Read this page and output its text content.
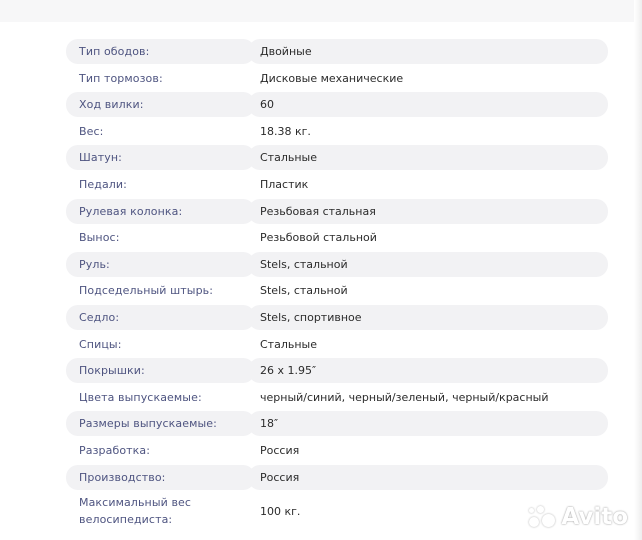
Тип ободов:	Двойные
Тип тормозов:	Дисковые механические
Ход вилки:	60
Вес:	18.38 кг.
Шатун:	Стальные
Педали:	Пластик
Рулевая колонка:	Резьбовая стальная
Вынос:	Резьбовой стальной
Руль:	Stels, стальной
Подседельный штырь:	Stels, стальной
Седло:	Stels, спортивное
Спицы:	Стальные
Покрышки:	26 x 1.95″
Цвета выпускаемые:	черный/синий, черный/зеленый, черный/красный
Размеры выпускаемые:	18″
Разработка:	Россия
Производство:	Россия
Максимальный вес велосипедиста:
100 кг.	Avito
